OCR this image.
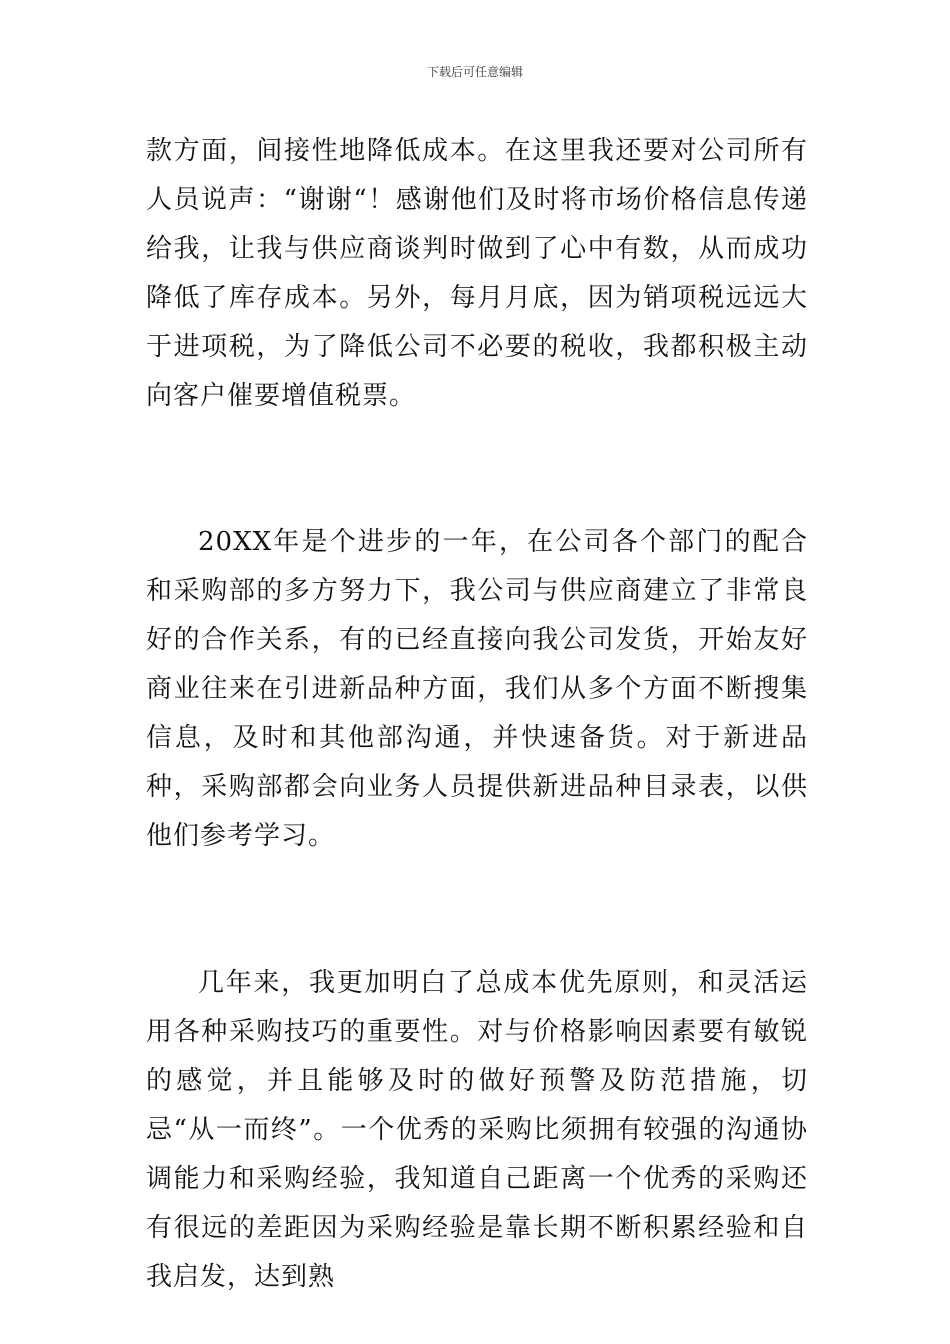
下载后可任意编辑

款方面，间接性地降低成本。在这里我还要对公司所有人员说声：“谢谢“！感谢他们及时将市场价格信息传递给我，让我与供应商谈判时做到了心中有数，从而成功降低了库存成本。另外，每月月底，因为销项税远远大于进项税，为了降低公司不必要的税收，我都积极主动向客户催要增值税票。

20XX年是个进步的一年，在公司各个部门的配合和采购部的多方努力下，我公司与供应商建立了非常良好的合作关系，有的已经直接向我公司发货，开始友好商业往来在引进新品种方面，我们从多个方面不断搜集信息，及时和其他部沟通，并快速备货。对于新进品种，采购部都会向业务人员提供新进品种目录表，以供他们参考学习。

几年来，我更加明白了总成本优先原则，和灵活运用各种采购技巧的重要性。对与价格影响因素要有敏锐的感觉，并且能够及时的做好预警及防范措施，切忌“从一而终”。一个优秀的采购比须拥有较强的沟通协调能力和采购经验，我知道自己距离一个优秀的采购还有很远的差距因为采购经验是靠长期不断积累经验和自我启发，达到熟
